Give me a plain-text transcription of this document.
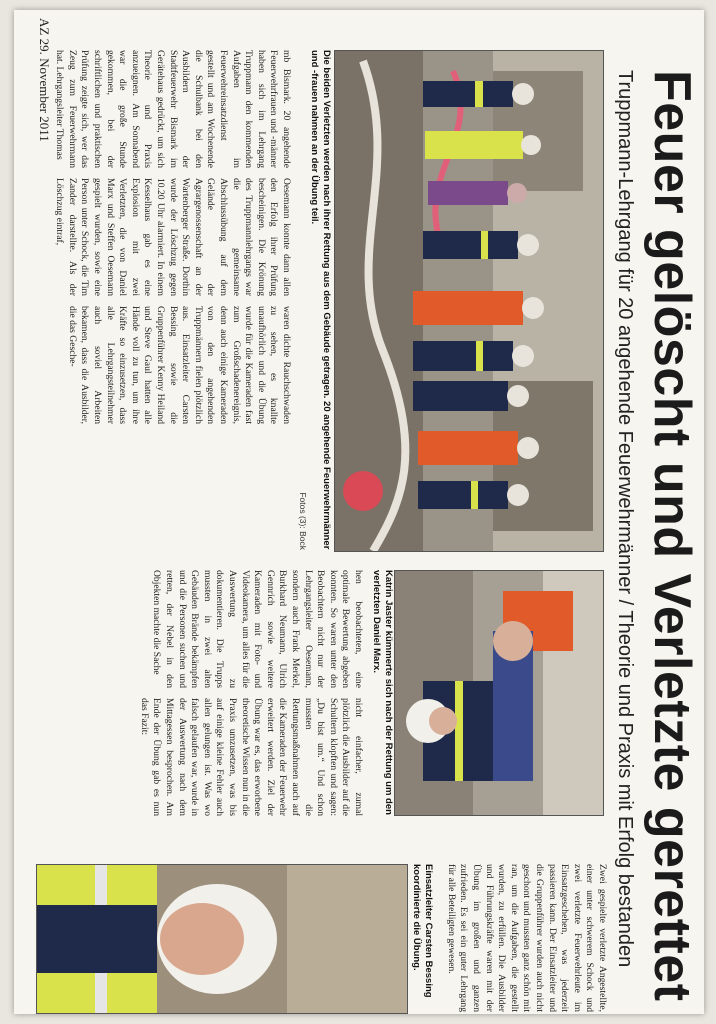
Feuer gelöscht und Verletzte gerettet
Truppmann-Lehrgang für 20 angehende Feuerwehrmänner / Theorie und Praxis mit Erfolg bestanden
Die beiden Verletzten werden nach ihrer Rettung aus dem Gebäude getragen. 20 angehende Feuerwehrmänner und -frauen nahmen an der Übung teil.
Fotos (3): Bock
Katrin Jaster kümmerte sich nach der Rettung um den verletzten Daniel Marx.
Einsatzleiter Carsten Bessing koordinierte die Übung.

mb Bismark. 20 angehende Feuerwehrfrauen und -männer haben sich im Lehrgang Truppmann den kommenden Aufgaben im Feuerwehreinsatzdienst gestellt und am Wochenende die Schulbank bei den Ausbildern der Stadtfeuerwehr Bismark im Gerätehaus gedrückt, um sich Theorie und Praxis anzueignen. Am Sonnabend war die große Stunde gekommen, bei der schriftlichen und praktischen Prüfung zeigte sich, wer das Zeug zum Feuerwehrmann hat. Lehrgangsleiter Thomas

Oesemann konnte dann allen den Erfolg ihrer Prüfung bescheinigen. Die Krönung des Truppmannlehrgangs war die gemeinsame Abschlussübung auf dem Gelände der Agrargenossenschaft an der Wartenberger Straße. Dorthin wurde der Löschzug gegen 10.20 Uhr alarmiert. In einem Kesselhaus gab es eine Explosion mit zwei Verletzten, die von Daniel Marx und Steffen Oesemann gespielt wurden, sowie eine Person unter Schock, die Tim Zander darstellte. Als der Löschzug eintraf,

waren dichte Rauchschwaden zu sehen, es knallte unaufhörlich und die Übung wurde für die Kameraden fast zum Großschadenereignis, denn auch einige Kameraden von den angehenden Truppmännern fielen plötzlich aus. Einsatzleiter Carsten Bessing sowie die Gruppenführer Kenny Heiland und Steve Gaul hatten alle Hände voll zu tun, um ihre Kräfte so einzusetzen, dass alle Lehrgangsteilnehmer auch soviel Arbeiten bekamen, dass die Ausbilder, die das Gesche-

hen beobachteten, eine optimale Bewertung abgeben konnten. So waren unter den Beobachtern nicht nur der Lehrgangsleiter Oesemann, sondern auch Frank Merkel, Burkhard Neumann, Ulrich Gennrich sowie weitere Kameraden mit Foto- und Videokamera, um alles für die Auswertung zu dokumentieren. Die Trupps mussten in zwei alten Gebäuden Brände bekämpfen und die Personen suchen und retten, der Nebel in den Objekten machte die Sache

nicht einfacher, zumal plötzlich die Ausbilder auf die Schultern klopften und sagen: „Du bist um.“ Und schon mussten die Rettungsmaßnahmen auch auf die Kameraden der Feuerwehr erweitert werden. Ziel der Übung war es, das erworbene theoretische Wissen nun in die Praxis umzusetzen, was bis auf einige kleine Fehler auch allen gelungen ist. Was wo falsch gelaufen war, wurde in der Auswertung nach dem Mittagessen besprochen. Am Ende der Übung gab es nun das Fazit:

Zwei gespielte verletzte Angestellte, einer unter schwerem Schock und zwei verletzte Feuerwehrleute im Einsatzgeschehen, was jederzeit passieren kann. Der Einsatzleiter und die Gruppenführer wurden auch nicht geschont und mussten ganz schön mit ran, um die Aufgaben, die gestellt wurden, zu erfüllen. Die Ausbilder und Führungskräfte waren mit der Übung im großen und ganzen zufrieden. Es sei ein guter Lehrgang für alle Beteiligten gewesen.

AZ 29. November 2011
